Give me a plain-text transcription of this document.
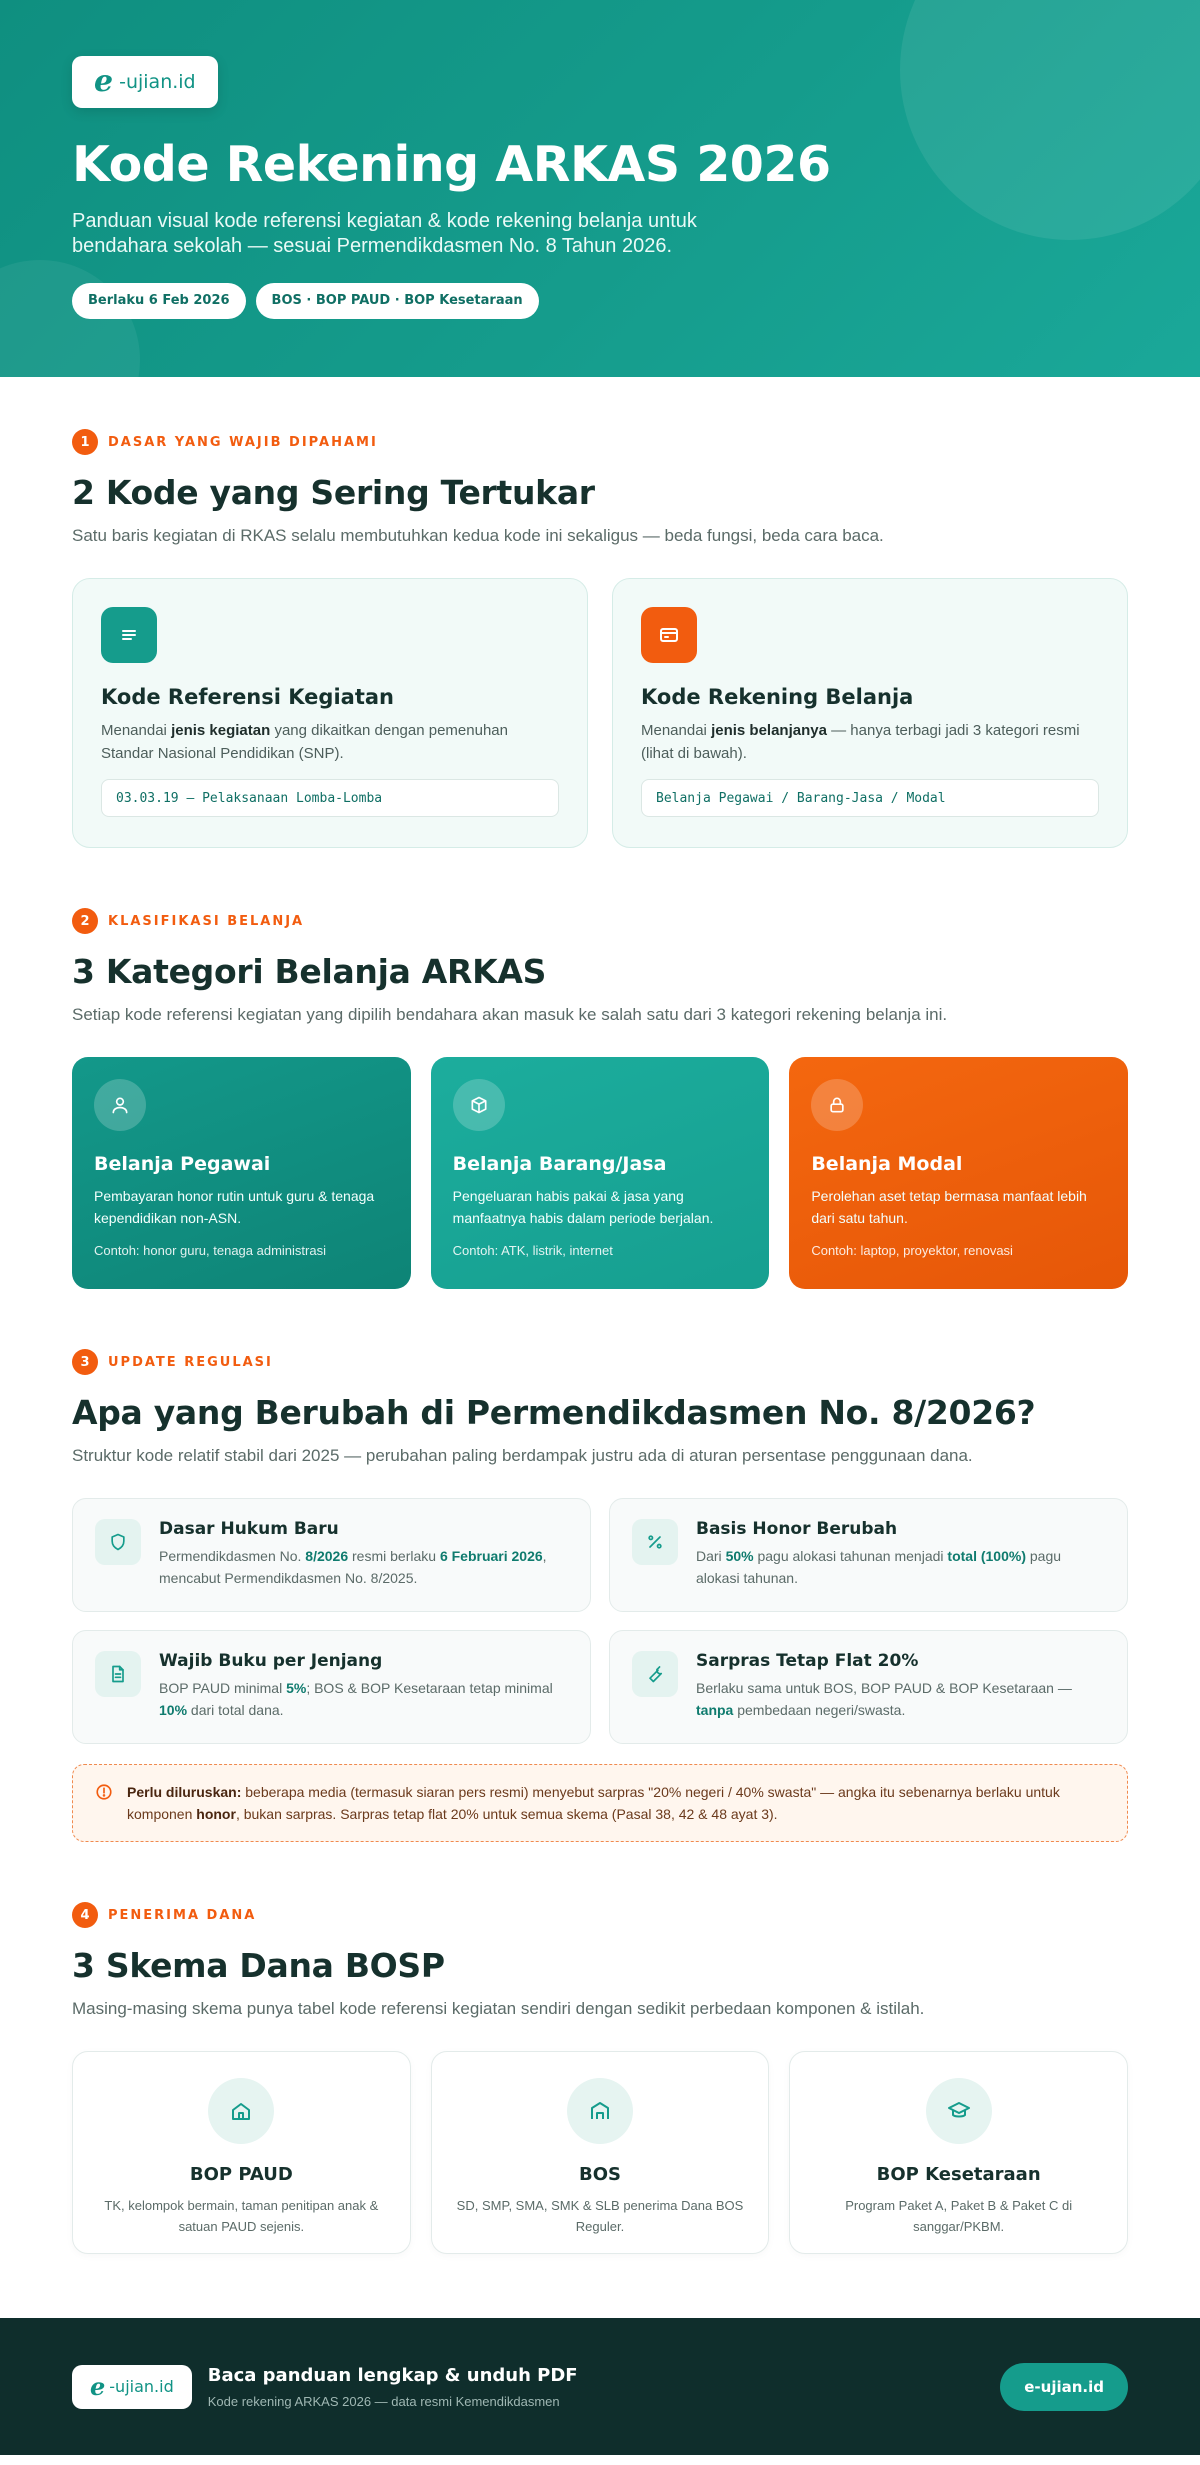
e -ujian.id
Kode Rekening ARKAS 2026

Panduan visual kode referensi kegiatan & kode rekening belanja untuk bendahara sekolah — sesuai Permendikdasmen No. 8 Tahun 2026.

Berlaku 6 Feb 2026	BOS · BOP PAUD · BOP Kesetaraan
1	DASAR YANG WAJIB DIPAHAMI
2 Kode yang Sering Tertukar

Satu baris kegiatan di RKAS selalu membutuhkan kedua kode ini sekaligus — beda fungsi, beda cara baca.

Kode Referensi Kegiatan

Menandai jenis kegiatan yang dikaitkan dengan pemenuhan Standar Nasional Pendidikan (SNP).

03.03.19 — Pelaksanaan Lomba-Lomba
Kode Rekening Belanja

Menandai jenis belanjanya — hanya terbagi jadi 3 kategori resmi (lihat di bawah).

Belanja Pegawai / Barang-Jasa / Modal
2	KLASIFIKASI BELANJA
3 Kategori Belanja ARKAS

Setiap kode referensi kegiatan yang dipilih bendahara akan masuk ke salah satu dari 3 kategori rekening belanja ini.

Belanja Pegawai

Pembayaran honor rutin untuk guru & tenaga kependidikan non-ASN.

Contoh: honor guru, tenaga administrasi
Belanja Barang/Jasa

Pengeluaran habis pakai & jasa yang manfaatnya habis dalam periode berjalan.

Contoh: ATK, listrik, internet
Belanja Modal

Perolehan aset tetap bermasa manfaat lebih dari satu tahun.

Contoh: laptop, proyektor, renovasi
3	UPDATE REGULASI
Apa yang Berubah di Permendikdasmen No. 8/2026?

Struktur kode relatif stabil dari 2025 — perubahan paling berdampak justru ada di aturan persentase penggunaan dana.

Dasar Hukum Baru

Permendikdasmen No. 8/2026 resmi berlaku 6 Februari 2026, mencabut Permendikdasmen No. 8/2025.

Basis Honor Berubah

Dari 50% pagu alokasi tahunan menjadi total (100%) pagu alokasi tahunan.

Wajib Buku per Jenjang

BOP PAUD minimal 5%; BOS & BOP Kesetaraan tetap minimal 10% dari total dana.

Sarpras Tetap Flat 20%

Berlaku sama untuk BOS, BOP PAUD & BOP Kesetaraan — tanpa pembedaan negeri/swasta.

Perlu diluruskan: beberapa media (termasuk siaran pers resmi) menyebut sarpras "20% negeri / 40% swasta" — angka itu sebenarnya berlaku untuk komponen honor, bukan sarpras. Sarpras tetap flat 20% untuk semua skema (Pasal 38, 42 & 48 ayat 3).

4	PENERIMA DANA
3 Skema Dana BOSP

Masing-masing skema punya tabel kode referensi kegiatan sendiri dengan sedikit perbedaan komponen & istilah.

BOP PAUD

TK, kelompok bermain, taman penitipan anak & satuan PAUD sejenis.

BOS

SD, SMP, SMA, SMK & SLB penerima Dana BOS Reguler.

BOP Kesetaraan

Program Paket A, Paket B & Paket C di sanggar/PKBM.

e -ujian.id
Baca panduan lengkap & unduh PDF
Kode rekening ARKAS 2026 — data resmi Kemendikdasmen
e-ujian.id
